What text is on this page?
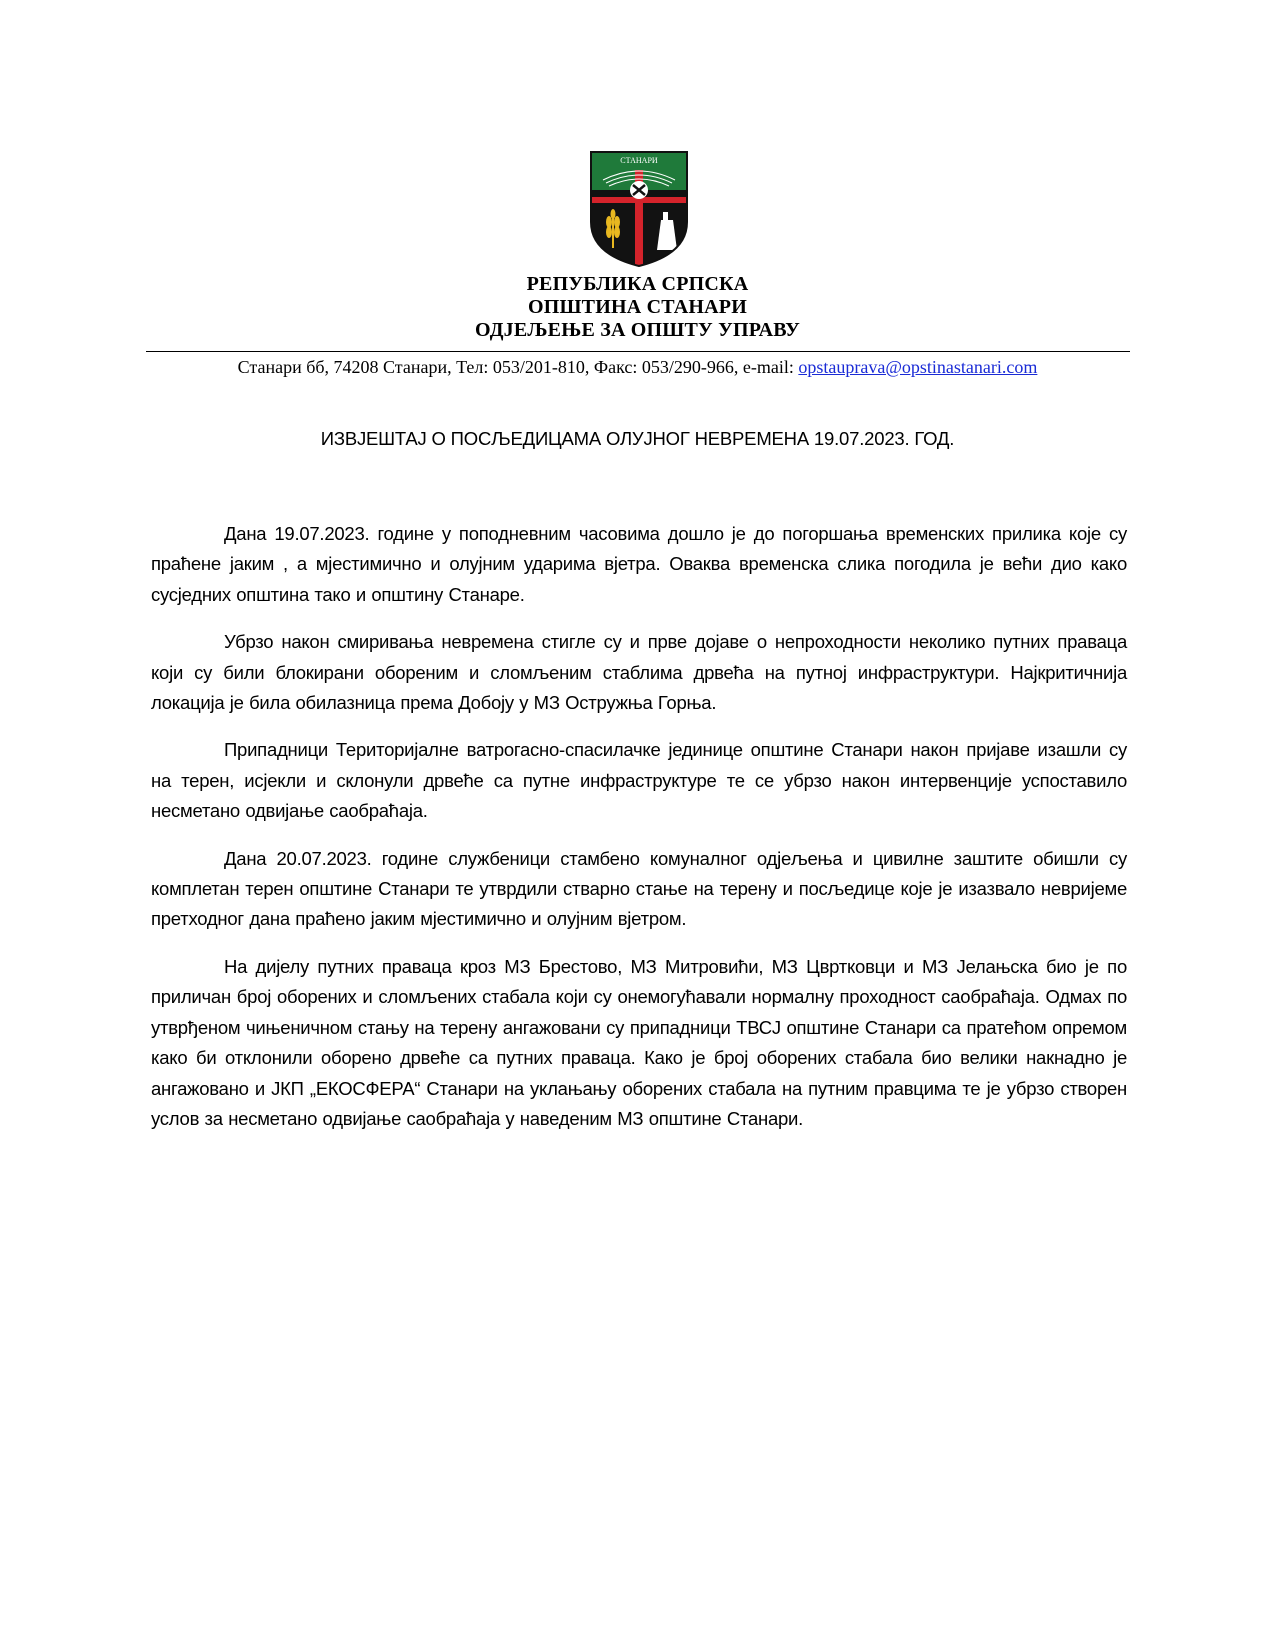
СТАНАРИ
РЕПУБЛИКА СРПСКА
ОПШТИНА СТАНАРИ
ОДЈЕЉЕЊЕ ЗА ОПШТУ УПРАВУ
Станари бб, 74208 Станари, Тел: 053/201-810, Факс: 053/290-966, e-mail: opstauprava@opstinastanari.com
ИЗВЈЕШТАЈ О ПОСЉЕДИЦАМА ОЛУЈНОГ НЕВРЕМЕНА 19.07.2023. ГОД.

Дана 19.07.2023. године у поподневним часовима дошло је до погоршања временских прилика које су праћене јаким , а мјестимично и олујним ударима вјетра. Оваква временска слика погодила је већи дио како сусједних општина тако и општину Станаре.

Убрзо након смиривања невремена стигле су и прве дојаве о непроходности неколико путних праваца који су били блокирани обореним и сломљеним стаблима дрвећа на путној инфраструктури. Најкритичнија локација је била обилазница према Добоју у МЗ Остружња Горња.

Припадници Територијалне ватрогасно-спасилачке јединице општине Станари након пријаве изашли су на терен, исјекли и склонули дрвеће са путне инфраструктуре те се убрзо након интервенције успоставило несметано одвијање саобраћаја.

Дана 20.07.2023. године службеници стамбено комуналног одјељења и цивилне заштите обишли су комплетан терен општине Станари те утврдили стварно стање на терену и посљедице које је изазвало невријеме претходног дана праћено јаким мјестимично и олујним вјетром.

На дијелу путних праваца кроз МЗ Брестово, МЗ Митровићи, МЗ Цвртковци и МЗ Јелањска био је по приличан број оборених и сломљених стабала који су онемогућавали нормалну проходност саобраћаја. Одмах по утврђеном чињеничном стању на терену ангажовани су припадници ТВСЈ општине Станари са пратећом опремом како би отклонили оборено дрвеће са путних праваца. Како је број оборених стабала био велики накнадно је ангажовано и ЈКП „ЕКОСФЕРА“ Станари на уклањању оборених стабала на путним правцима те је убрзо створен услов за несметано одвијање саобраћаја у наведеним МЗ општине Станари.
